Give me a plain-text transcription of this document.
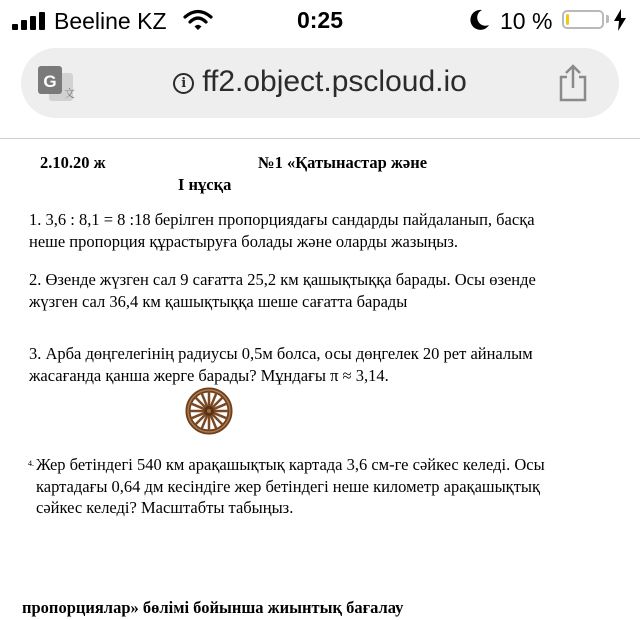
Beeline KZ	0:25	10 %
G
文
i ff2.object.pscloud.io
2.10.20 ж	№1 «Қатынастар және
І нұсқа
1. 3,6 : 8,1 = 8 :18 берілген пропорциядағы сандарды пайдаланып, басқа
неше пропорция құрастыруға болады және оларды жазыңыз.
2. Өзенде жүзген сал 9 сағатта 25,2 км қашықтыққа барады. Осы өзенде
жүзген сал 36,4 км қашықтыққа шеше сағатта барады
3. Арба дөңгелегінің радиусы 0,5м болса, осы дөңгелек 20 рет айналым
жасағанда қанша жерге барады? Мұндағы π ≈ 3,14.
4. Жер бетіндегі 540 км арақашықтық картада 3,6 см-ге сәйкес келеді. Осы
картадағы 0,64 дм кесіндіге жер бетіндегі неше километр арақашықтық
сәйкес келеді? Масштабты табыңыз.
пропорциялар» бөлімі бойынша жиынтық бағалау
